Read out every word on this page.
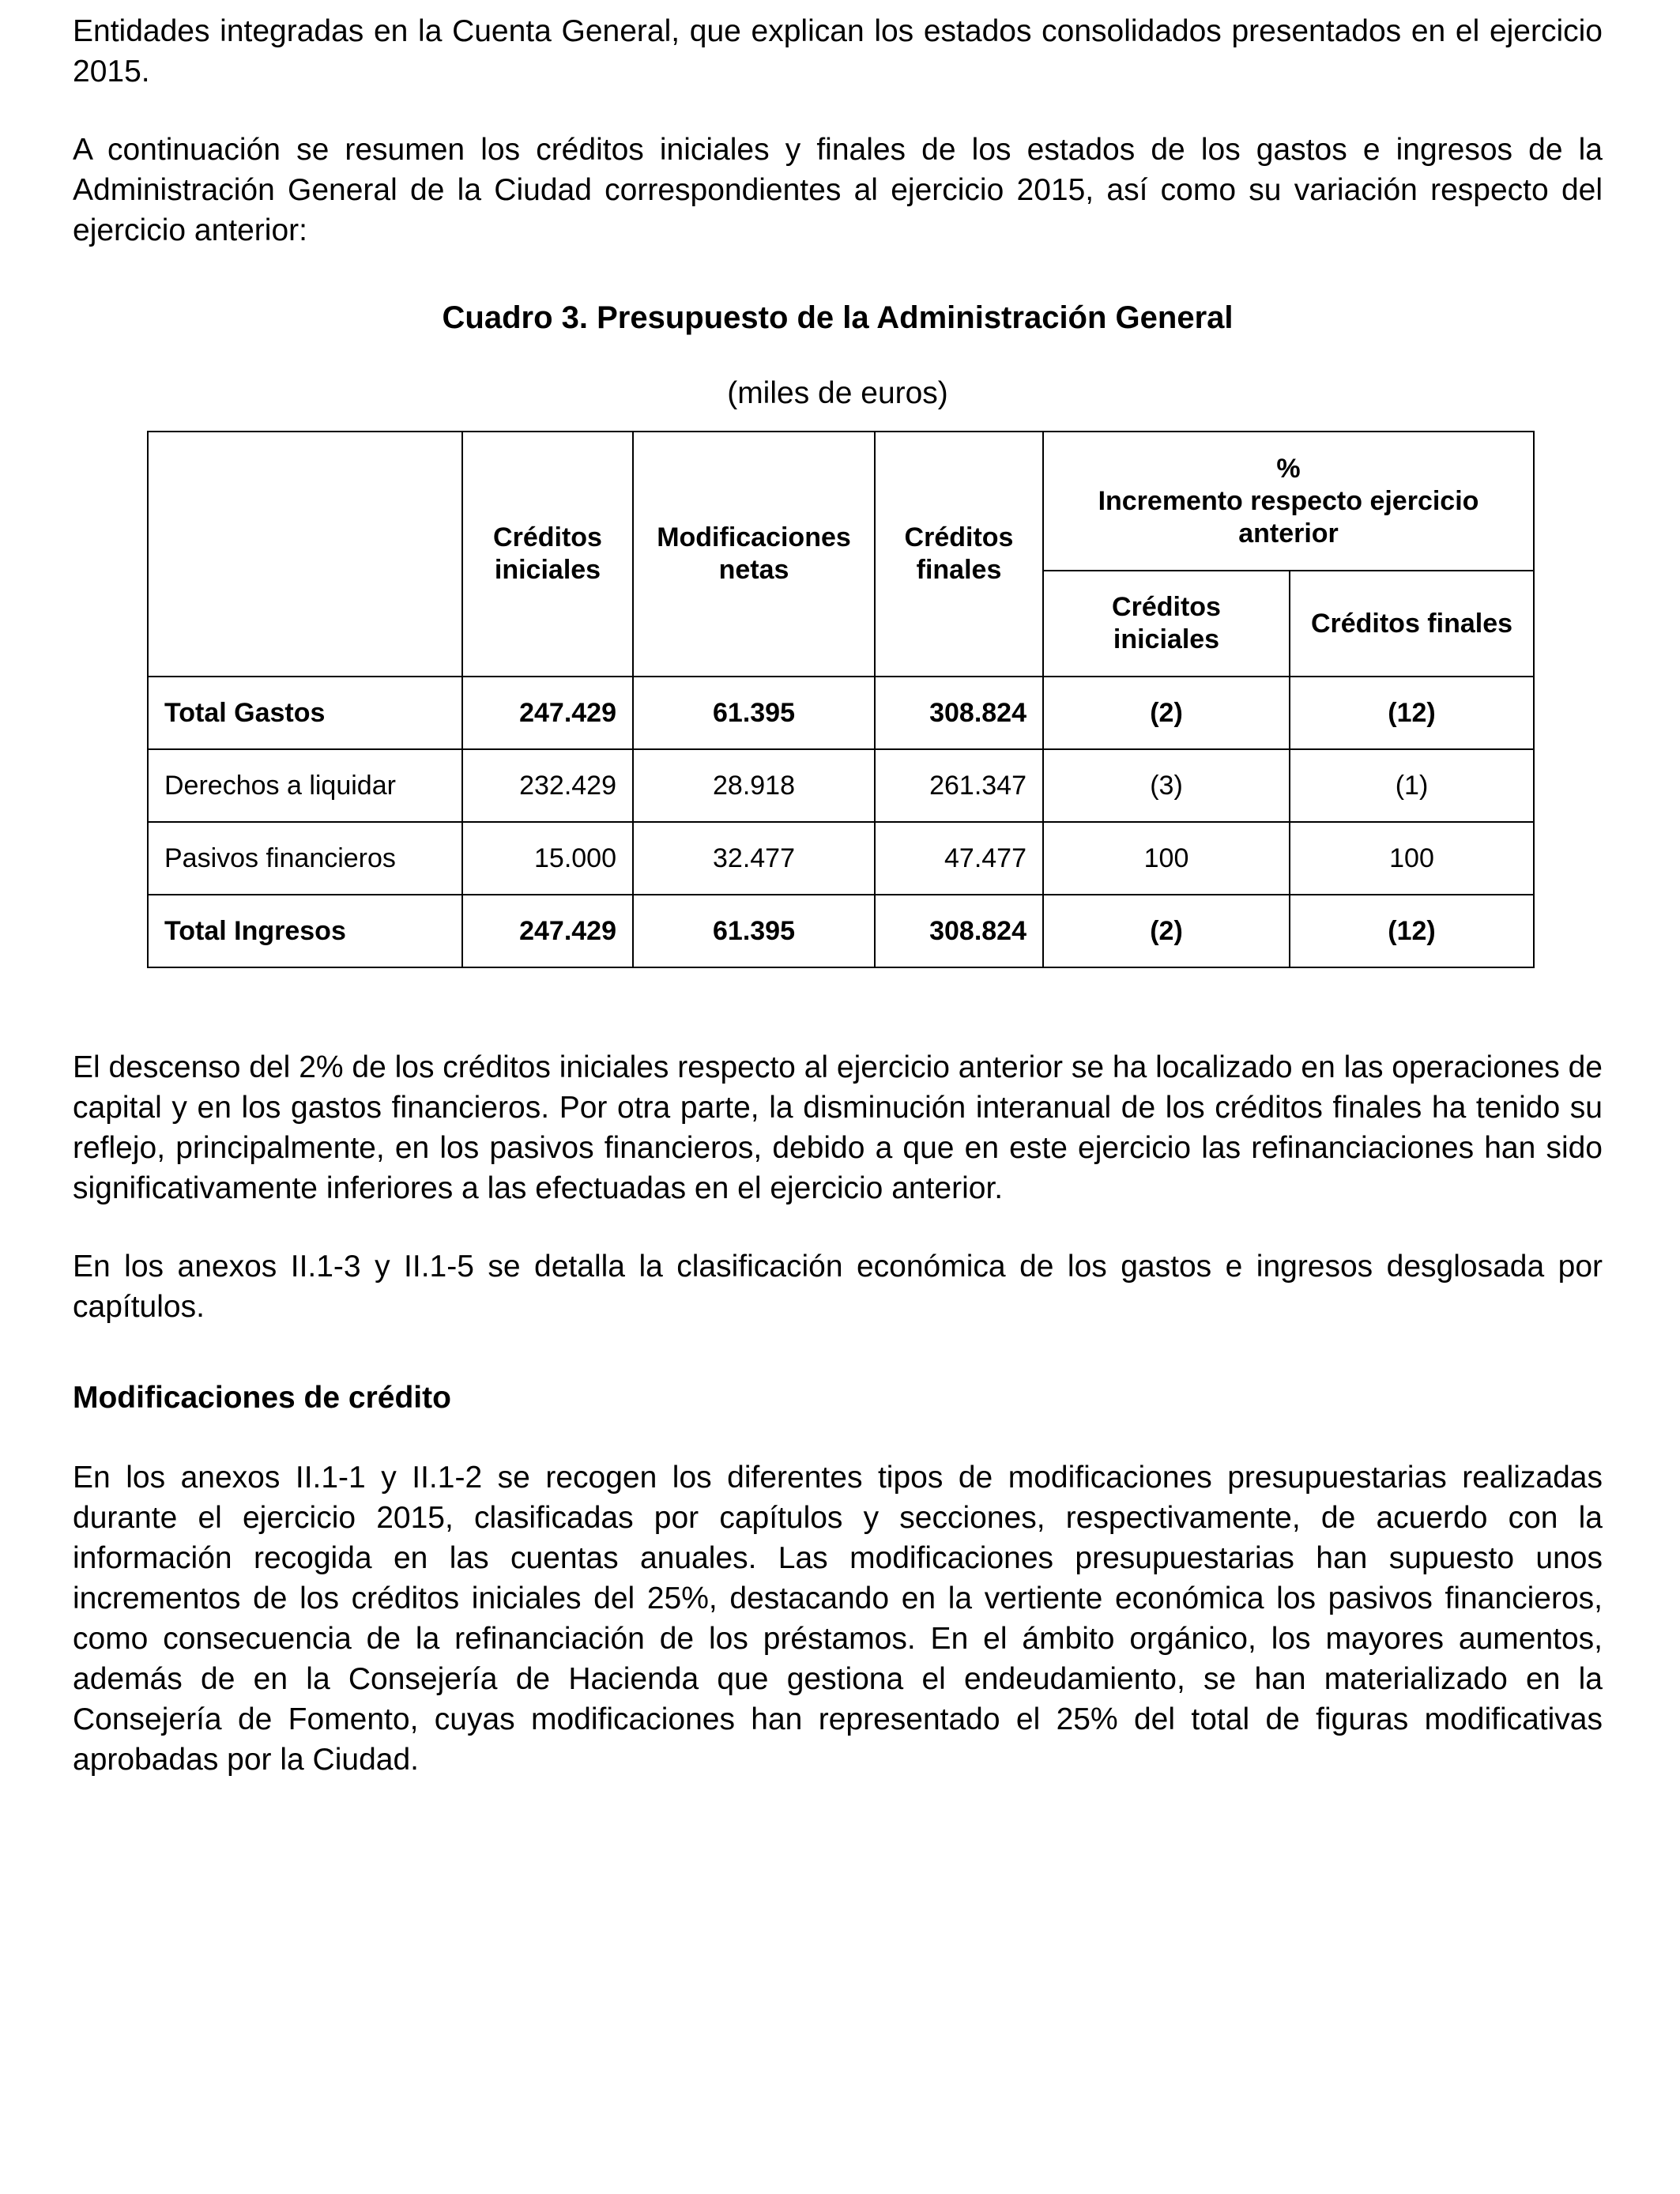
Entidades integradas en la Cuenta General, que explican los estados consolidados presentados en el ejercicio 2015.

A continuación se resumen los créditos iniciales y finales de los estados de los gastos e ingresos de la Administración General de la Ciudad correspondientes al ejercicio 2015, así como su variación respecto del ejercicio anterior:

Cuadro 3. Presupuesto de la Administración General
(miles de euros)
	Créditos iniciales	Modificaciones netas	Créditos finales	%
Incremento respecto ejercicio anterior	

				Créditos iniciales	Créditos finales
Total Gastos	247.429	61.395	308.824	(2)	(12)
Derechos a liquidar	232.429	28.918	261.347	(3)	(1)
Pasivos financieros	15.000	32.477	47.477	100	100
Total Ingresos	247.429	61.395	308.824	(2)	(12)

El descenso del 2% de los créditos iniciales respecto al ejercicio anterior se ha localizado en las operaciones de capital y en los gastos financieros. Por otra parte, la disminución interanual de los créditos finales ha tenido su reflejo, principalmente, en los pasivos financieros, debido a que en este ejercicio las refinanciaciones han sido significativamente inferiores a las efectuadas en el ejercicio anterior.

En los anexos II.1-3 y II.1-5 se detalla la clasificación económica de los gastos e ingresos desglosada por capítulos.

Modificaciones de crédito

En los anexos II.1-1 y II.1-2 se recogen los diferentes tipos de modificaciones presupuestarias realizadas durante el ejercicio 2015, clasificadas por capítulos y secciones, respectivamente, de acuerdo con la información recogida en las cuentas anuales. Las modificaciones presupuestarias han supuesto unos incrementos de los créditos iniciales del 25%, destacando en la vertiente económica los pasivos financieros, como consecuencia de la refinanciación de los préstamos. En el ámbito orgánico, los mayores aumentos, además de en la Consejería de Hacienda que gestiona el endeudamiento, se han materializado en la Consejería de Fomento, cuyas modificaciones han representado el 25% del total de figuras modificativas aprobadas por la Ciudad.
